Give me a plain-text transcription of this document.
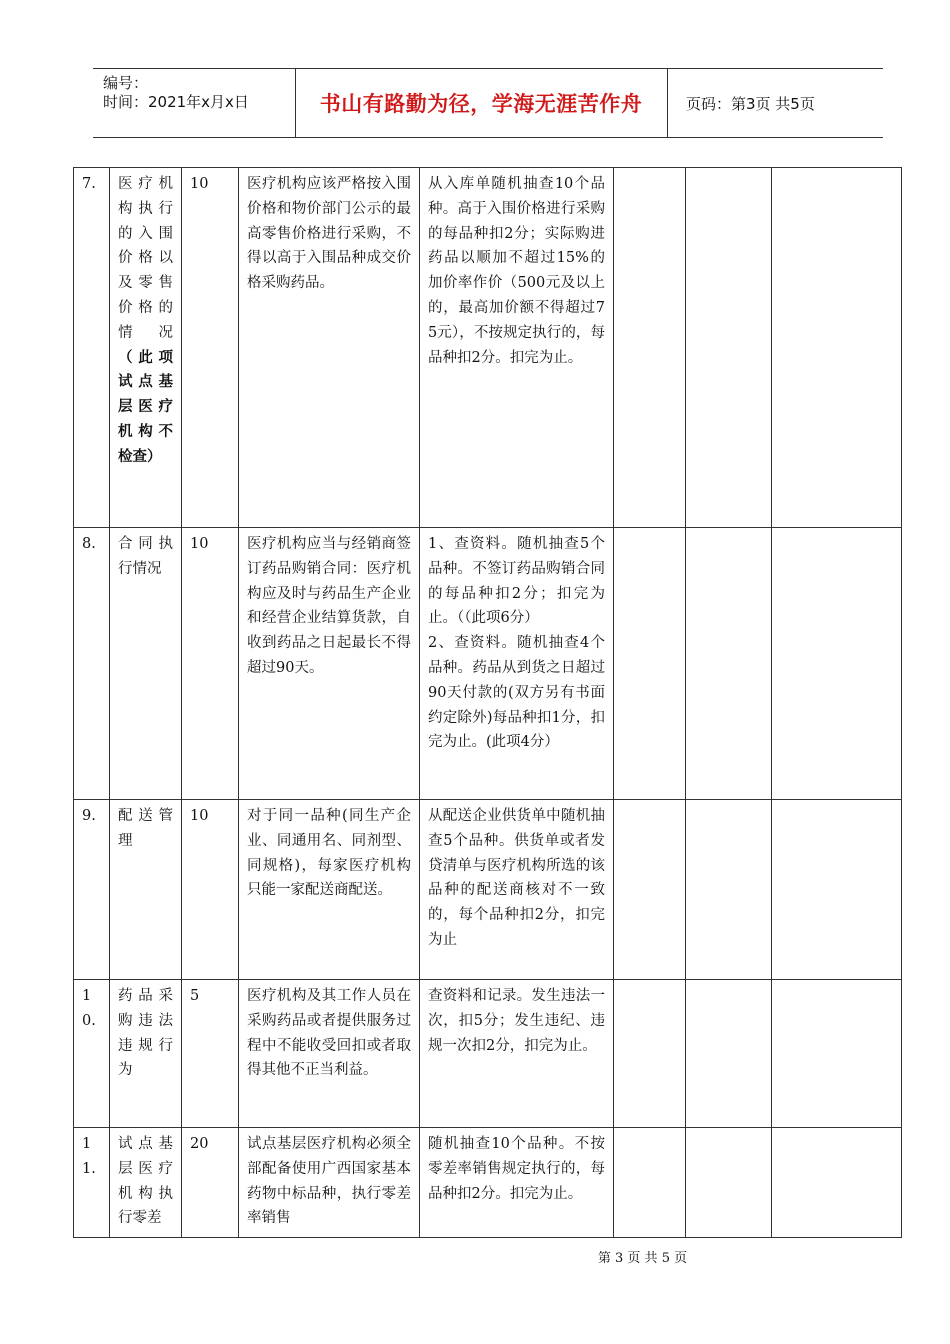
编号：
时间：2021年x月x日	书山有路勤为径，学海无涯苦作舟	页码：第3页 共5页
7.	医疗机构执行的入围价格以及零售价格的情况（此项试点基层医疗机构不检查）	10	医疗机构应该严格按入围价格和物价部门公示的最高零售价格进行采购，不得以高于入围品种成交价格采购药品。	从入库单随机抽查10个品种。高于入围价格进行采购的每品种扣2分；实际购进药品以顺加不超过15%的加价率作价（500元及以上的，最高加价额不得超过75元），不按规定执行的，每品种扣2分。扣完为止。			
8.	合同执行情况	10	医疗机构应当与经销商签订药品购销合同：医疗机构应及时与药品生产企业和经营企业结算货款，自收到药品之日起最长不得超过90天。	1、查资料。随机抽查5个品种。不签订药品购销合同的每品种扣2分；扣完为止。（（此项6分）
2、查资料。随机抽查4个品种。药品从到货之日超过90天付款的(双方另有书面约定除外)每品种扣1分，扣完为止。(此项4分）			
9.	配送管理	10	对于同一品种(同生产企业、同通用名、同剂型、同规格)，每家医疗机构只能一家配送商配送。	从配送企业供货单中随机抽查5个品种。供货单或者发贷清单与医疗机构所选的该品种的配送商核对不一致的，每个品种扣2分，扣完为止			
10.	药品采购违法违规行为	5	医疗机构及其工作人员在采购药品或者提供服务过程中不能收受回扣或者取得其他不正当利益。	查资料和记录。发生违法一次，扣5分；发生违纪、违规一次扣2分，扣完为止。			
11.	试点基层医疗机构执行零差	20	试点基层医疗机构必须全部配备使用广西国家基本药物中标品种，执行零差率销售	随机抽查10个品种。不按零差率销售规定执行的，每品种扣2分。扣完为止。			
第 3 页 共 5 页
